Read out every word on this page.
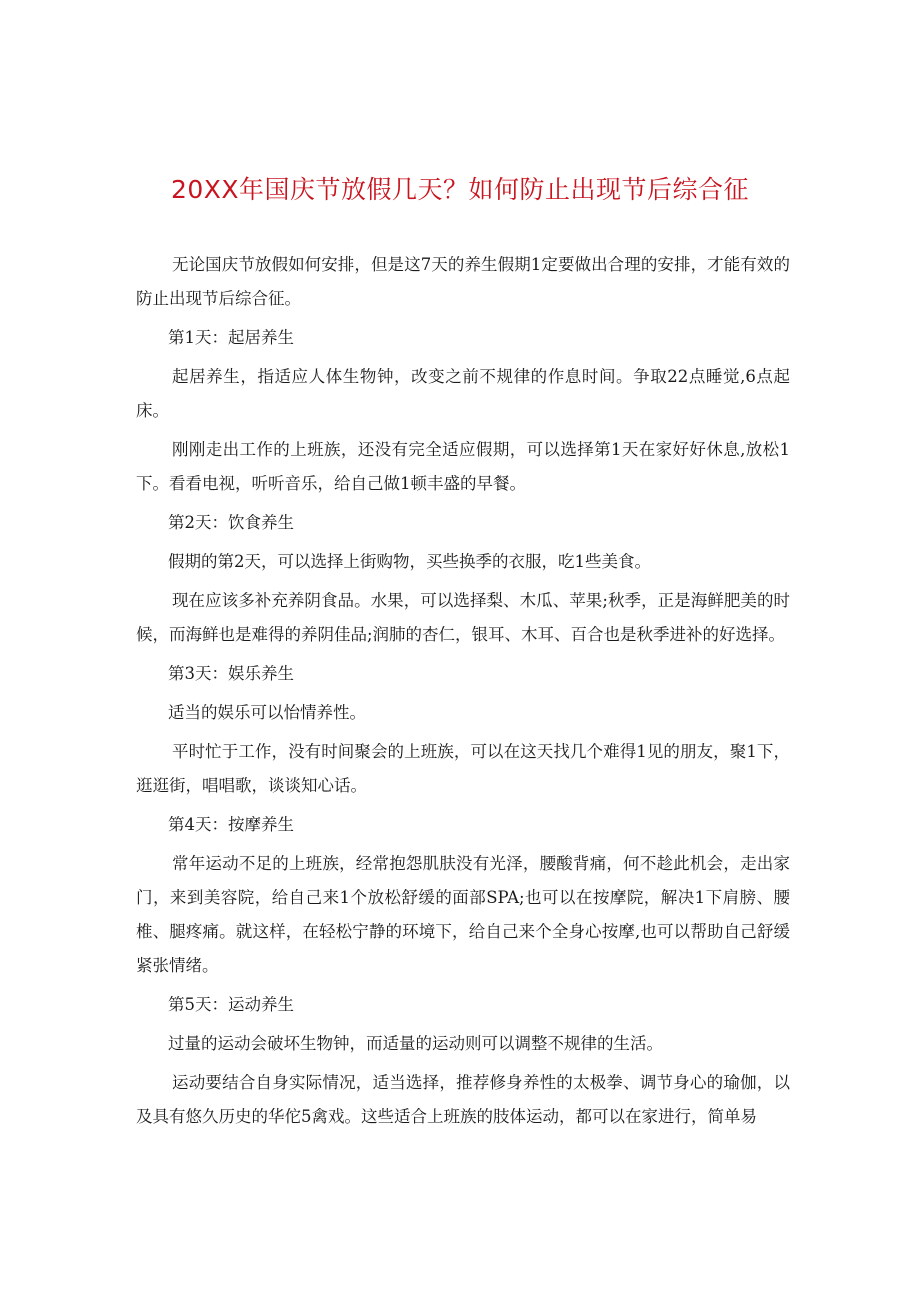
20XX年国庆节放假几天？如何防止出现节后综合征

无论国庆节放假如何安排，但是这7天的养生假期1定要做出合理的安排，才能有效的防止出现节后综合征。

第1天：起居养生

起居养生，指适应人体生物钟，改变之前不规律的作息时间。争取22点睡觉,6点起床。

刚刚走出工作的上班族，还没有完全适应假期，可以选择第1天在家好好休息,放松1下。看看电视，听听音乐，给自己做1顿丰盛的早餐。

第2天：饮食养生

假期的第2天，可以选择上街购物，买些换季的衣服，吃1些美食。

现在应该多补充养阴食品。水果，可以选择梨、木瓜、苹果;秋季，正是海鲜肥美的时候，而海鲜也是难得的养阴佳品;润肺的杏仁，银耳、木耳、百合也是秋季进补的好选择。

第3天：娱乐养生

适当的娱乐可以怡情养性。

平时忙于工作，没有时间聚会的上班族，可以在这天找几个难得1见的朋友，聚1下，逛逛街，唱唱歌，谈谈知心话。

第4天：按摩养生

常年运动不足的上班族，经常抱怨肌肤没有光泽，腰酸背痛，何不趁此机会，走出家门，来到美容院，给自己来1个放松舒缓的面部SPA;也可以在按摩院，解决1下肩膀、腰椎、腿疼痛。就这样，在轻松宁静的环境下，给自己来个全身心按摩,也可以帮助自己舒缓紧张情绪。

第5天：运动养生

过量的运动会破坏生物钟，而适量的运动则可以调整不规律的生活。

运动要结合自身实际情况，适当选择，推荐修身养性的太极拳、调节身心的瑜伽，以及具有悠久历史的华佗5禽戏。这些适合上班族的肢体运动，都可以在家进行，简单易
